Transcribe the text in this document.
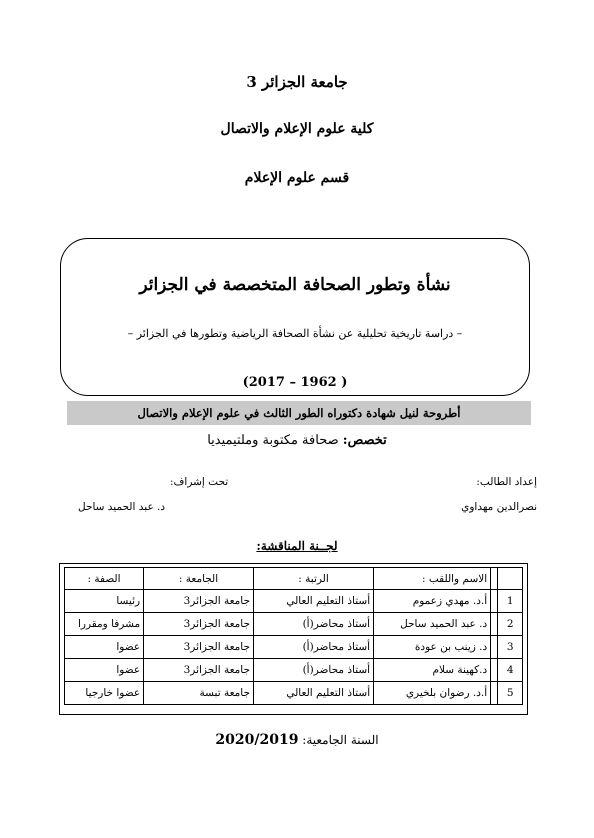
جامعة الجزائر 3
كلية علوم الإعلام والاتصال
قسم علوم الإعلام
نشأة وتطور الصحافة المتخصصة في الجزائر
– دراسة تاريخية تحليلية عن نشأة الصحافة الرياضية وتطورها في الجزائر –
( 1962 – 2017)
أطروحة لنيل شهادة دكتوراه الطور الثالث في علوم الإعلام والاتصال
تخصص: صحافة مكتوبة وملتيميديا
إعداد الطالب:
نصرالدين مهداوي
تحت إشراف:
د. عبد الحميد ساحل
لجــنة المناقشة:
		الاسم واللقب :	الرتبة :	الجامعة :	الصفة :
1		أ.د. مهدي زعموم	أستاذ التعليم العالي	جامعة الجزائر3	رئيسا
2		د. عبد الحميد ساحل	أستاذ محاضر(أ)	جامعة الجزائر3	مشرفا ومقررا
3		د. زينب بن عودة	أستاذ محاضر(أ)	جامعة الجزائر3	عضوا
4		د.كهينة سلام	أستاذ محاضر(أ)	جامعة الجزائر3	عضوا
5		أ.د. رضوان بلخيري	أستاذ التعليم العالي	جامعة تبسة	عضوا خارجيا
السنة الجامعية: 2020/2019
